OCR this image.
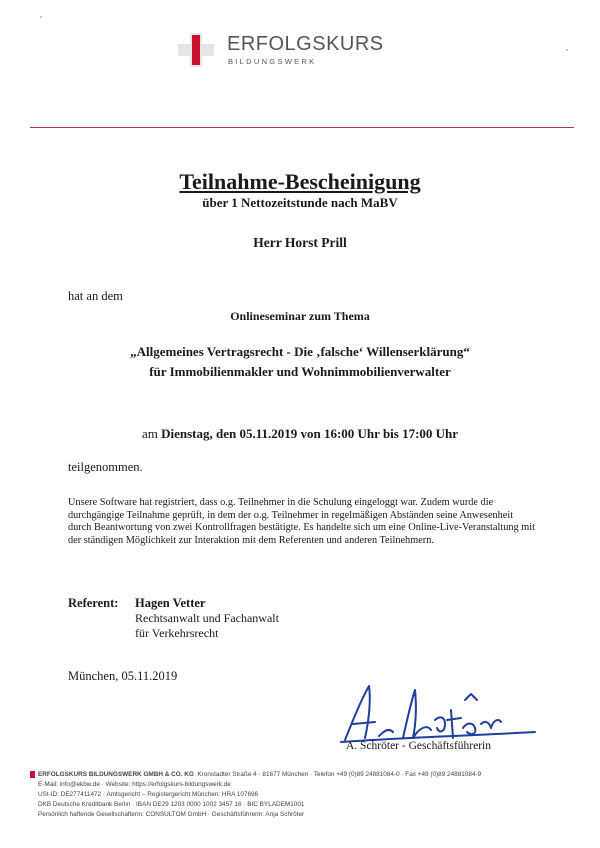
ERFOLGSKURS
BILDUNGSWERK
Teilnahme-Bescheinigung
über 1 Nettozeitstunde nach MaBV
Herr Horst Prill
hat an dem
Onlineseminar zum Thema
„Allgemeines Vertragsrecht - Die ‚falsche‘ Willenserklärung“
für Immobilienmakler und Wohnimmobilienverwalter
am Dienstag, den 05.11.2019 von 16:00 Uhr bis 17:00 Uhr
teilgenommen.
Unsere Software hat registriert, dass o.g. Teilnehmer in die Schulung eingeloggt war. Zudem wurde die durchgängige Teilnahme geprüft, in dem der o.g. Teilnehmer in regelmäßigen Abständen seine Anwesenheit durch Beantwortung von zwei Kontrollfragen bestätigte. Es handelte sich um eine Online-Live-Veranstaltung mit der ständigen Möglichkeit zur Interaktion mit dem Referenten und anderen Teilnehmern.
Referent: Hagen Vetter
Rechtsanwalt und Fachanwalt
für Verkehrsrecht
München, 05.11.2019
A. Schröter - Geschäftsführerin
ERFOLGSKURS BILDUNGSWERK GMBH & CO. KG Kronstadter Straße 4 · 81677 München · Telefon +49 (0)89 24881084-0 · Fax +49 (0)89 24881084-9
E-Mail: info@ekbw.de · Website: https://erfolgskurs-bildungswerk.de
USt-ID: DE277411472 · Amtsgericht – Registergericht München: HRA 107696
DKB Deutsche Kreditbank Berlin · IBAN DE29 1203 0000 1002 3457 16 · BIC BYLADEM1001
Persönlich haftende Gesellschafterin: CONSULTOM GmbH · Geschäftsführerin: Anja Schröter
